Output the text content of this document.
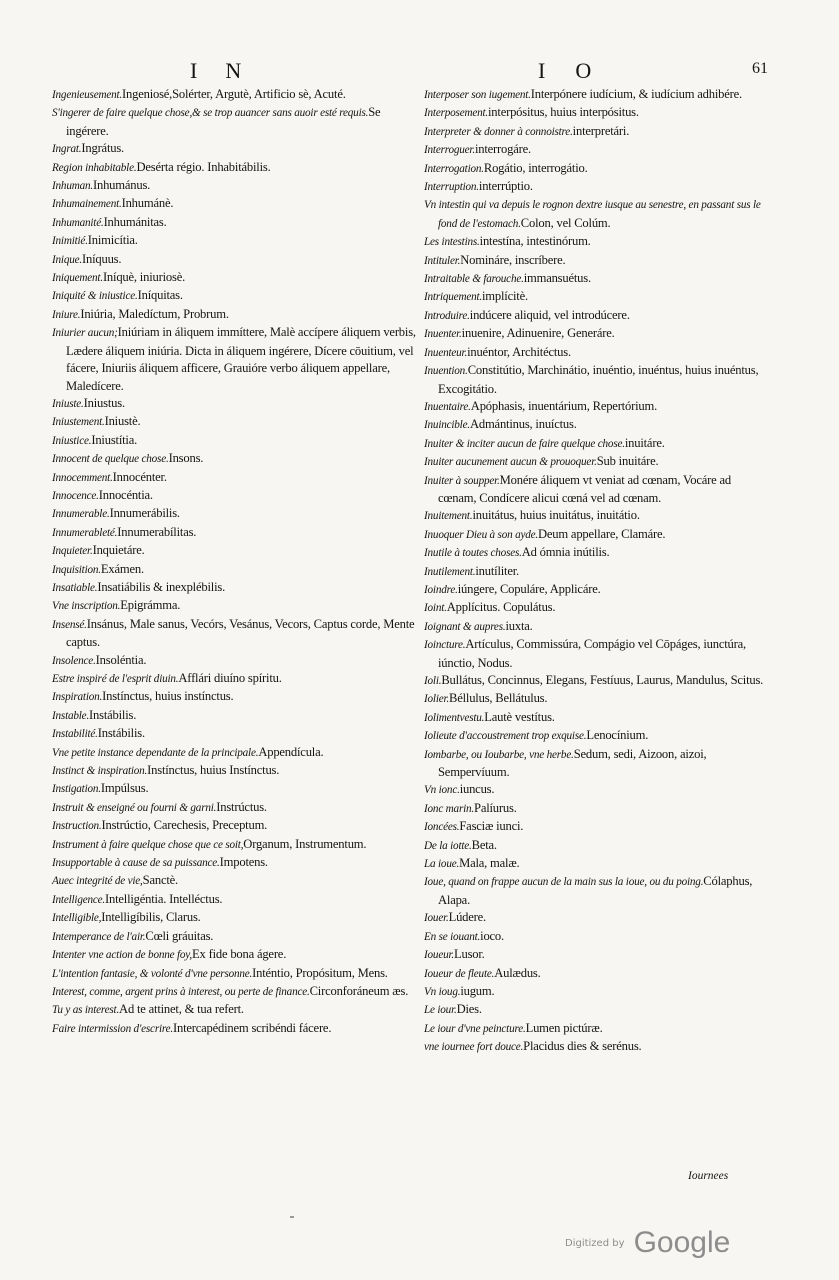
IN	IO	61

Ingenieusement.Ingeniosé,Solérter, Argutè, Artificio sè, Acuté.

S'ingerer de faire quelque chose,& se trop auancer sans auoir esté requis.Se ingérere.

Ingrat.Ingrátus.

Region inhabitable.Desérta régio. Inhabitábilis.

Inhuman.Inhumánus.

Inhumainement.Inhumánè.

Inhumanité.Inhumánitas.

Inimitié.Inimicítia.

Inique.Iníquus.

Iniquement.Iníquè, iniuriosè.

Iniquité & iniustice.Iníquitas.

Iniure.Iniúria, Maledíctum, Probrum.

Iniurier aucun;Iniúriam in áliquem immíttere, Malè accípere áliquem verbis, Lædere áliquem iniúria. Dicta in áliquem ingérere, Dícere cōuitium, vel fácere, Iniuriis áliquem afficere, Grauióre verbo áliquem appellare, Maledícere.

Iniuste.Iniustus.

Iniustement.Iniustè.

Iniustice.Iniustítia.

Innocent de quelque chose.Insons.

Innocemment.Innocénter.

Innocence.Innocéntia.

Innumerable.Innumerábilis.

Innumerableté.Innumerabílitas.

Inquieter.Inquietáre.

Inquisition.Exámen.

Insatiable.Insatiábilis & inexplébilis.

Vne inscription.Epigrámma.

Insensé.Insánus, Male sanus, Vecórs, Vesánus, Vecors, Captus corde, Mente captus.

Insolence.Insoléntia.

Estre inspiré de l'esprit diuin.Afflári diuíno spíritu.

Inspiration.Instínctus, huius instínctus.

Instable.Instábilis.

Instabilité.Instábilis.

Vne petite instance dependante de la principale.Appendícula.

Instinct & inspiration.Instínctus, huius Instínctus.

Instigation.Impúlsus.

Instruit & enseigné ou fourni & garni.Instrúctus.

Instruction.Instrúctio, Carechesis, Preceptum.

Instrument à faire quelque chose que ce soit,Organum, Instrumentum.

Insupportable à cause de sa puissance.Impotens.

Auec integrité de vie,Sanctè.

Intelligence.Intelligéntia. Intelléctus.

Intelligible,Intelligíbilis, Clarus.

Intemperance de l'air.Cœli gráuitas.

Intenter vne action de bonne foy,Ex fide bona ágere.

L'intention fantasie, & volonté d'vne personne.Inténtio, Propósitum, Mens.

Interest, comme, argent prins à interest, ou perte de finance.Circonforáneum æs.

Tu y as interest.Ad te attinet, & tua refert.

Faire intermission d'escrire.Intercapédinem scribéndi fácere.

Interposer son iugement.Interpónere iudícium, & iudícium adhibére.

Interposement.interpósitus, huius interpósitus.

Interpreter & donner à connoistre.interpretári.

Interroguer.interrogáre.

Interrogation.Rogátio, interrogátio.

Interruption.interrúptio.

Vn intestin qui va depuis le rognon dextre iusque au senestre, en passant sus le fond de l'estomach.Colon, vel Colúm.

Les intestins.intestína, intestinórum.

Intituler.Nomináre, inscríbere.

Intraitable & farouche.immansuétus.

Intriquement.implícitè.

Introduire.indúcere aliquid, vel introdúcere.

Inuenter.inuenire, Adinuenire, Generáre.

Inuenteur.inuéntor, Architéctus.

Inuention.Constitútio, Marchinátio, inuéntio, inuéntus, huius inuéntus, Excogitátio.

Inuentaire.Apóphasis, inuentárium, Repertórium.

Inuincible.Admántinus, inuíctus.

Inuiter & inciter aucun de faire quelque chose.inuitáre.

Inuiter aucunement aucun & prouoquer.Sub inuitáre.

Inuiter à soupper.Monére áliquem vt veniat ad cœnam, Vocáre ad cœnam, Condícere alicui cœná vel ad cœnam.

Inuitement.inuitátus, huius inuitátus, inuitátio.

Inuoquer Dieu à son ayde.Deum appellare, Clamáre.

Inutile à toutes choses.Ad ómnia inútilis.

Inutilement.inutíliter.

Ioindre.iúngere, Copuláre, Applicáre.

Ioint.Applícitus. Copulátus.

Ioignant & aupres.iuxta.

Ioincture.Artículus, Commissúra, Compágio vel Cōpáges, iunctúra, iúnctio, Nodus.

Ioli.Bullátus, Concinnus, Elegans, Festíuus, Laurus, Mandulus, Scitus.

Iolier.Béllulus, Bellátulus.

Iolimentvestu.Lautè vestítus.

Iolieute d'accoustrement trop exquise.Lenocínium.

Iombarbe, ou Ioubarbe, vne herbe.Sedum, sedi, Aizoon, aizoi, Sempervíuum.

Vn ionc.iuncus.

Ionc marin.Palíurus.

Ioncées.Fasciæ iunci.

De la iotte.Beta.

La ioue.Mala, malæ.

Ioue, quand on frappe aucun de la main sus la ioue, ou du poing.Cólaphus, Alapa.

Iouer.Lúdere.

En se iouant.ioco.

Ioueur.Lusor.

Ioueur de fleute.Aulædus.

Vn ioug.iugum.

Le iour.Dies.

Le iour d'vne peincture.Lumen pictúræ.

vne iournee fort douce.Placidus dies & serénus.

Iournees
Digitized by Google
